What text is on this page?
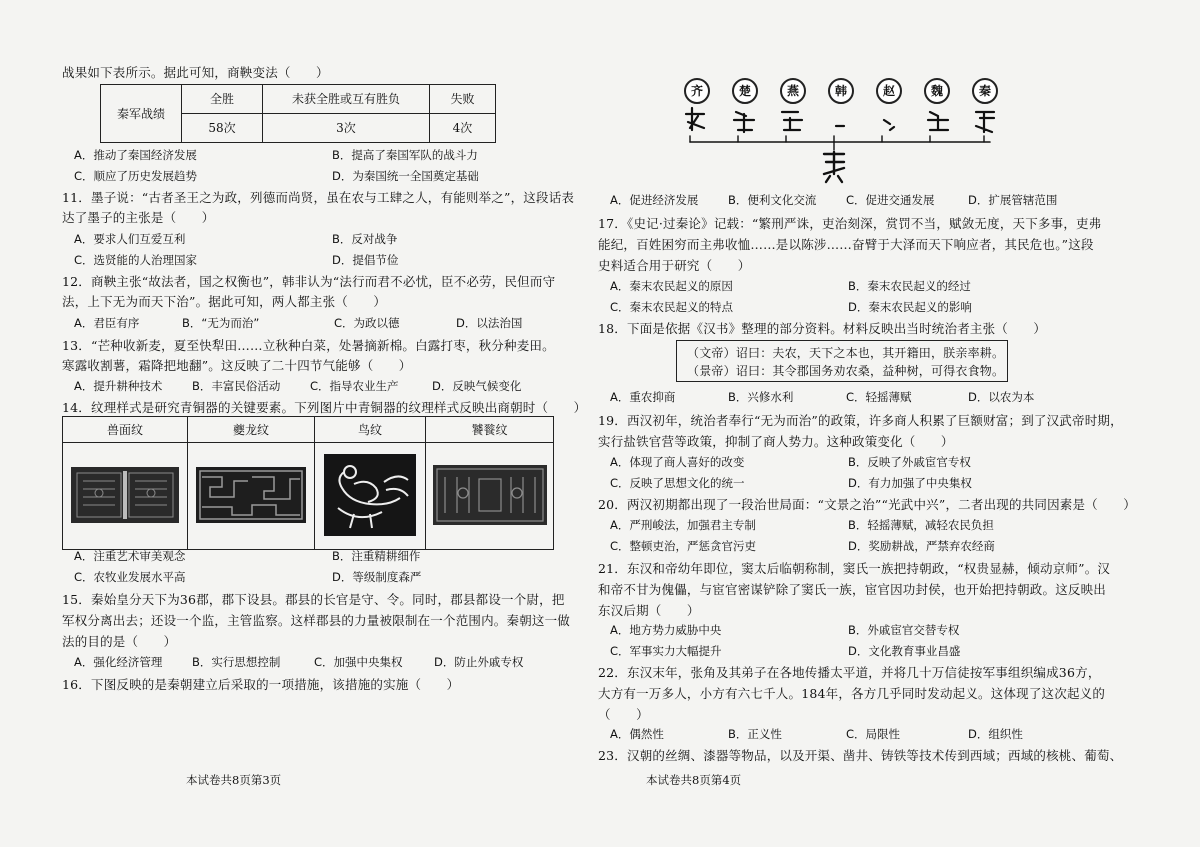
战果如下表所示。据此可知，商鞅变法（　　）
秦军战绩	全胜	未获全胜或互有胜负	失败
	58次	3次	4次
A．推动了秦国经济发展	B．提高了秦国军队的战斗力
C．顺应了历史发展趋势	D．为秦国统一全国奠定基础
11．墨子说：“古者圣王之为政，列德而尚贤，虽在农与工肆之人，有能则举之”，这段话表
达了墨子的主张是（　　）
A．要求人们互爱互利	B．反对战争
C．选贤能的人治理国家	D．提倡节俭
12．商鞅主张“故法者，国之权衡也”，韩非认为“法行而君不必忧，臣不必劳，民但而守
法，上下无为而天下治”。据此可知，两人都主张（　　）
A．君臣有序	B．“无为而治”	C．为政以德	D．以法治国
13．“芒种收新麦，夏至快犁田……立秋种白菜，处暑摘新棉。白露打枣，秋分种麦田。
寒露收割薯，霜降把地翻”。这反映了二十四节气能够（　　）
A．提升耕种技术	B．丰富民俗活动	C．指导农业生产	D．反映气候变化
14．纹理样式是研究青铜器的关键要素。下列图片中青铜器的纹理样式反映出商朝时（　　）
兽面纹	夔龙纹	鸟纹	饕餮纹

A．注重艺术审美观念	B．注重精耕细作
C．农牧业发展水平高	D．等级制度森严
15．秦始皇分天下为36郡，郡下设县。郡县的长官是守、令。同时，郡县都设一个尉，把
军权分离出去；还设一个监，主管监察。这样郡县的力量被限制在一个范围内。秦朝这一做
法的目的是（　　）
A．强化经济管理	B．实行思想控制	C．加强中央集权	D．防止外戚专权
16．下图反映的是秦朝建立后采取的一项措施，该措施的实施（　　）
本试卷共8页第3页
齐	楚	燕	韩	赵	魏	秦
A．促进经济发展	B．便利文化交流	C．促进交通发展	D．扩展管辖范围
17．《史记·过秦论》记载：“繁刑严诛，吏治刻深，赏罚不当，赋敛无度，天下多事，吏弗
能纪，百姓困穷而主弗收恤……是以陈涉……奋臂于大泽而天下响应者，其民危也。”这段
史料适合用于研究（　　）
A．秦末农民起义的原因	B．秦末农民起义的经过
C．秦末农民起义的特点	D．秦末农民起义的影响
18．下面是依据《汉书》整理的部分资料。材料反映出当时统治者主张（　　）
（文帝）诏曰：夫农，天下之本也，其开籍田，朕亲率耕。
（景帝）诏曰：其令郡国务劝农桑，益种树，可得衣食物。
A．重农抑商	B．兴修水利	C．轻摇薄赋	D．以农为本
19．西汉初年，统治者奉行“无为而治”的政策，许多商人积累了巨额财富；到了汉武帝时期，
实行盐铁官营等政策，抑制了商人势力。这种政策变化（　　）
A．体现了商人喜好的改变	B．反映了外戚宦官专权
C．反映了思想文化的统一	D．有力加强了中央集权
20．两汉初期都出现了一段治世局面：“文景之治”“光武中兴”，二者出现的共同因素是（　　）
A．严刑峻法，加强君主专制	B．轻摇薄赋，减轻农民负担
C．整顿吏治，严惩贪官污吏	D．奖励耕战，严禁弃农经商
21．东汉和帝幼年即位，窦太后临朝称制，窦氏一族把持朝政，“权贵显赫，倾动京师”。汉
和帝不甘为傀儡，与宦官密谋铲除了窦氏一族，宦官因功封侯，也开始把持朝政。这反映出
东汉后期（　　）
A．地方势力威胁中央	B．外戚宦官交替专权
C．军事实力大幅提升	D．文化教育事业昌盛
22．东汉末年，张角及其弟子在各地传播太平道，并将几十万信徒按军事组织编成36方，
大方有一万多人，小方有六七千人。184年，各方几乎同时发动起义。这体现了这次起义的
（　　）
A．偶然性	B．正义性	C．局限性	D．组织性
23．汉朝的丝绸、漆器等物品，以及开渠、凿井、铸铁等技术传到西域；西域的核桃、葡萄、
本试卷共8页第4页
